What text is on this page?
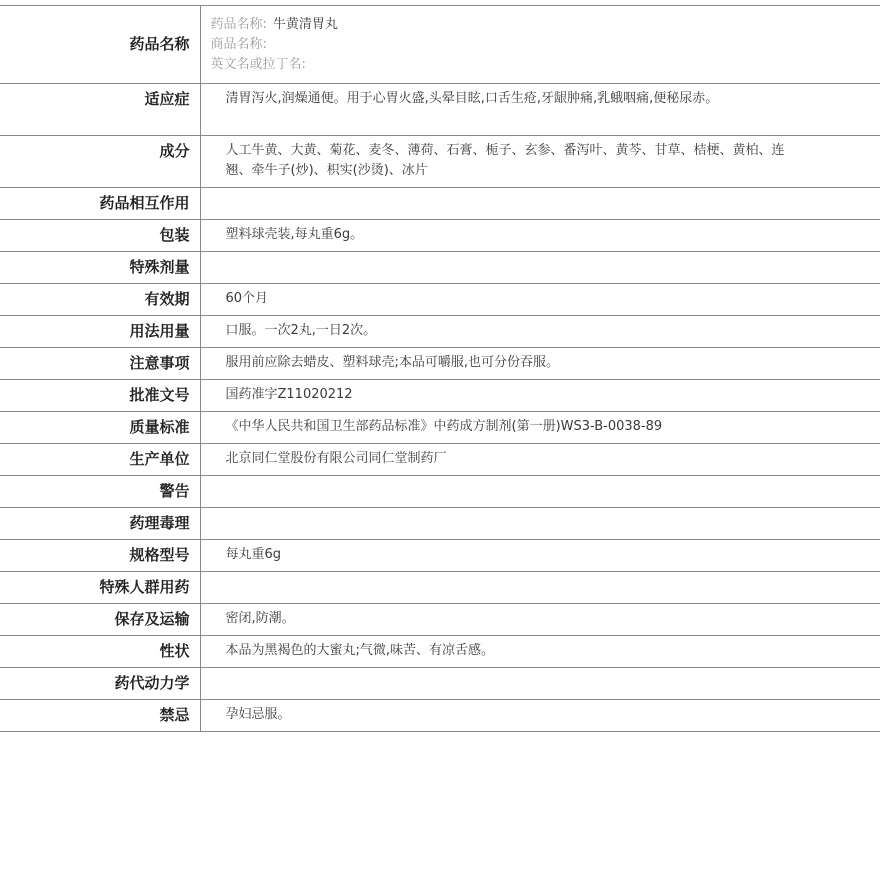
药品名称	药品名称: 牛黄清胃丸
商品名称:
英文名或拉丁名:

适应症	清胃泻火,润燥通便。用于心胃火盛,头晕目眩,口舌生疮,牙龈肿痛,乳蛾咽痛,便秘尿赤。

成分	人工牛黄、大黄、菊花、麦冬、薄荷、石膏、栀子、玄参、番泻叶、黄芩、甘草、桔梗、黄柏、连翘、牵牛子(炒)、枳实(沙烫)、冰片

药品相互作用	

包装	塑料球壳装,每丸重6g。

特殊剂量	

有效期	60个月

用法用量	口服。一次2丸,一日2次。

注意事项	服用前应除去蜡皮、塑料球壳;本品可嚼服,也可分份吞服。

批准文号	国药准字Z11020212

质量标准	《中华人民共和国卫生部药品标准》中药成方制剂(第一册)WS3-B-0038-89

生产单位	北京同仁堂股份有限公司同仁堂制药厂

警告	

药理毒理	

规格型号	每丸重6g

特殊人群用药	

保存及运输	密闭,防潮。

性状	本品为黑褐色的大蜜丸;气微,味苦、有凉舌感。

药代动力学	

禁忌	孕妇忌服。
